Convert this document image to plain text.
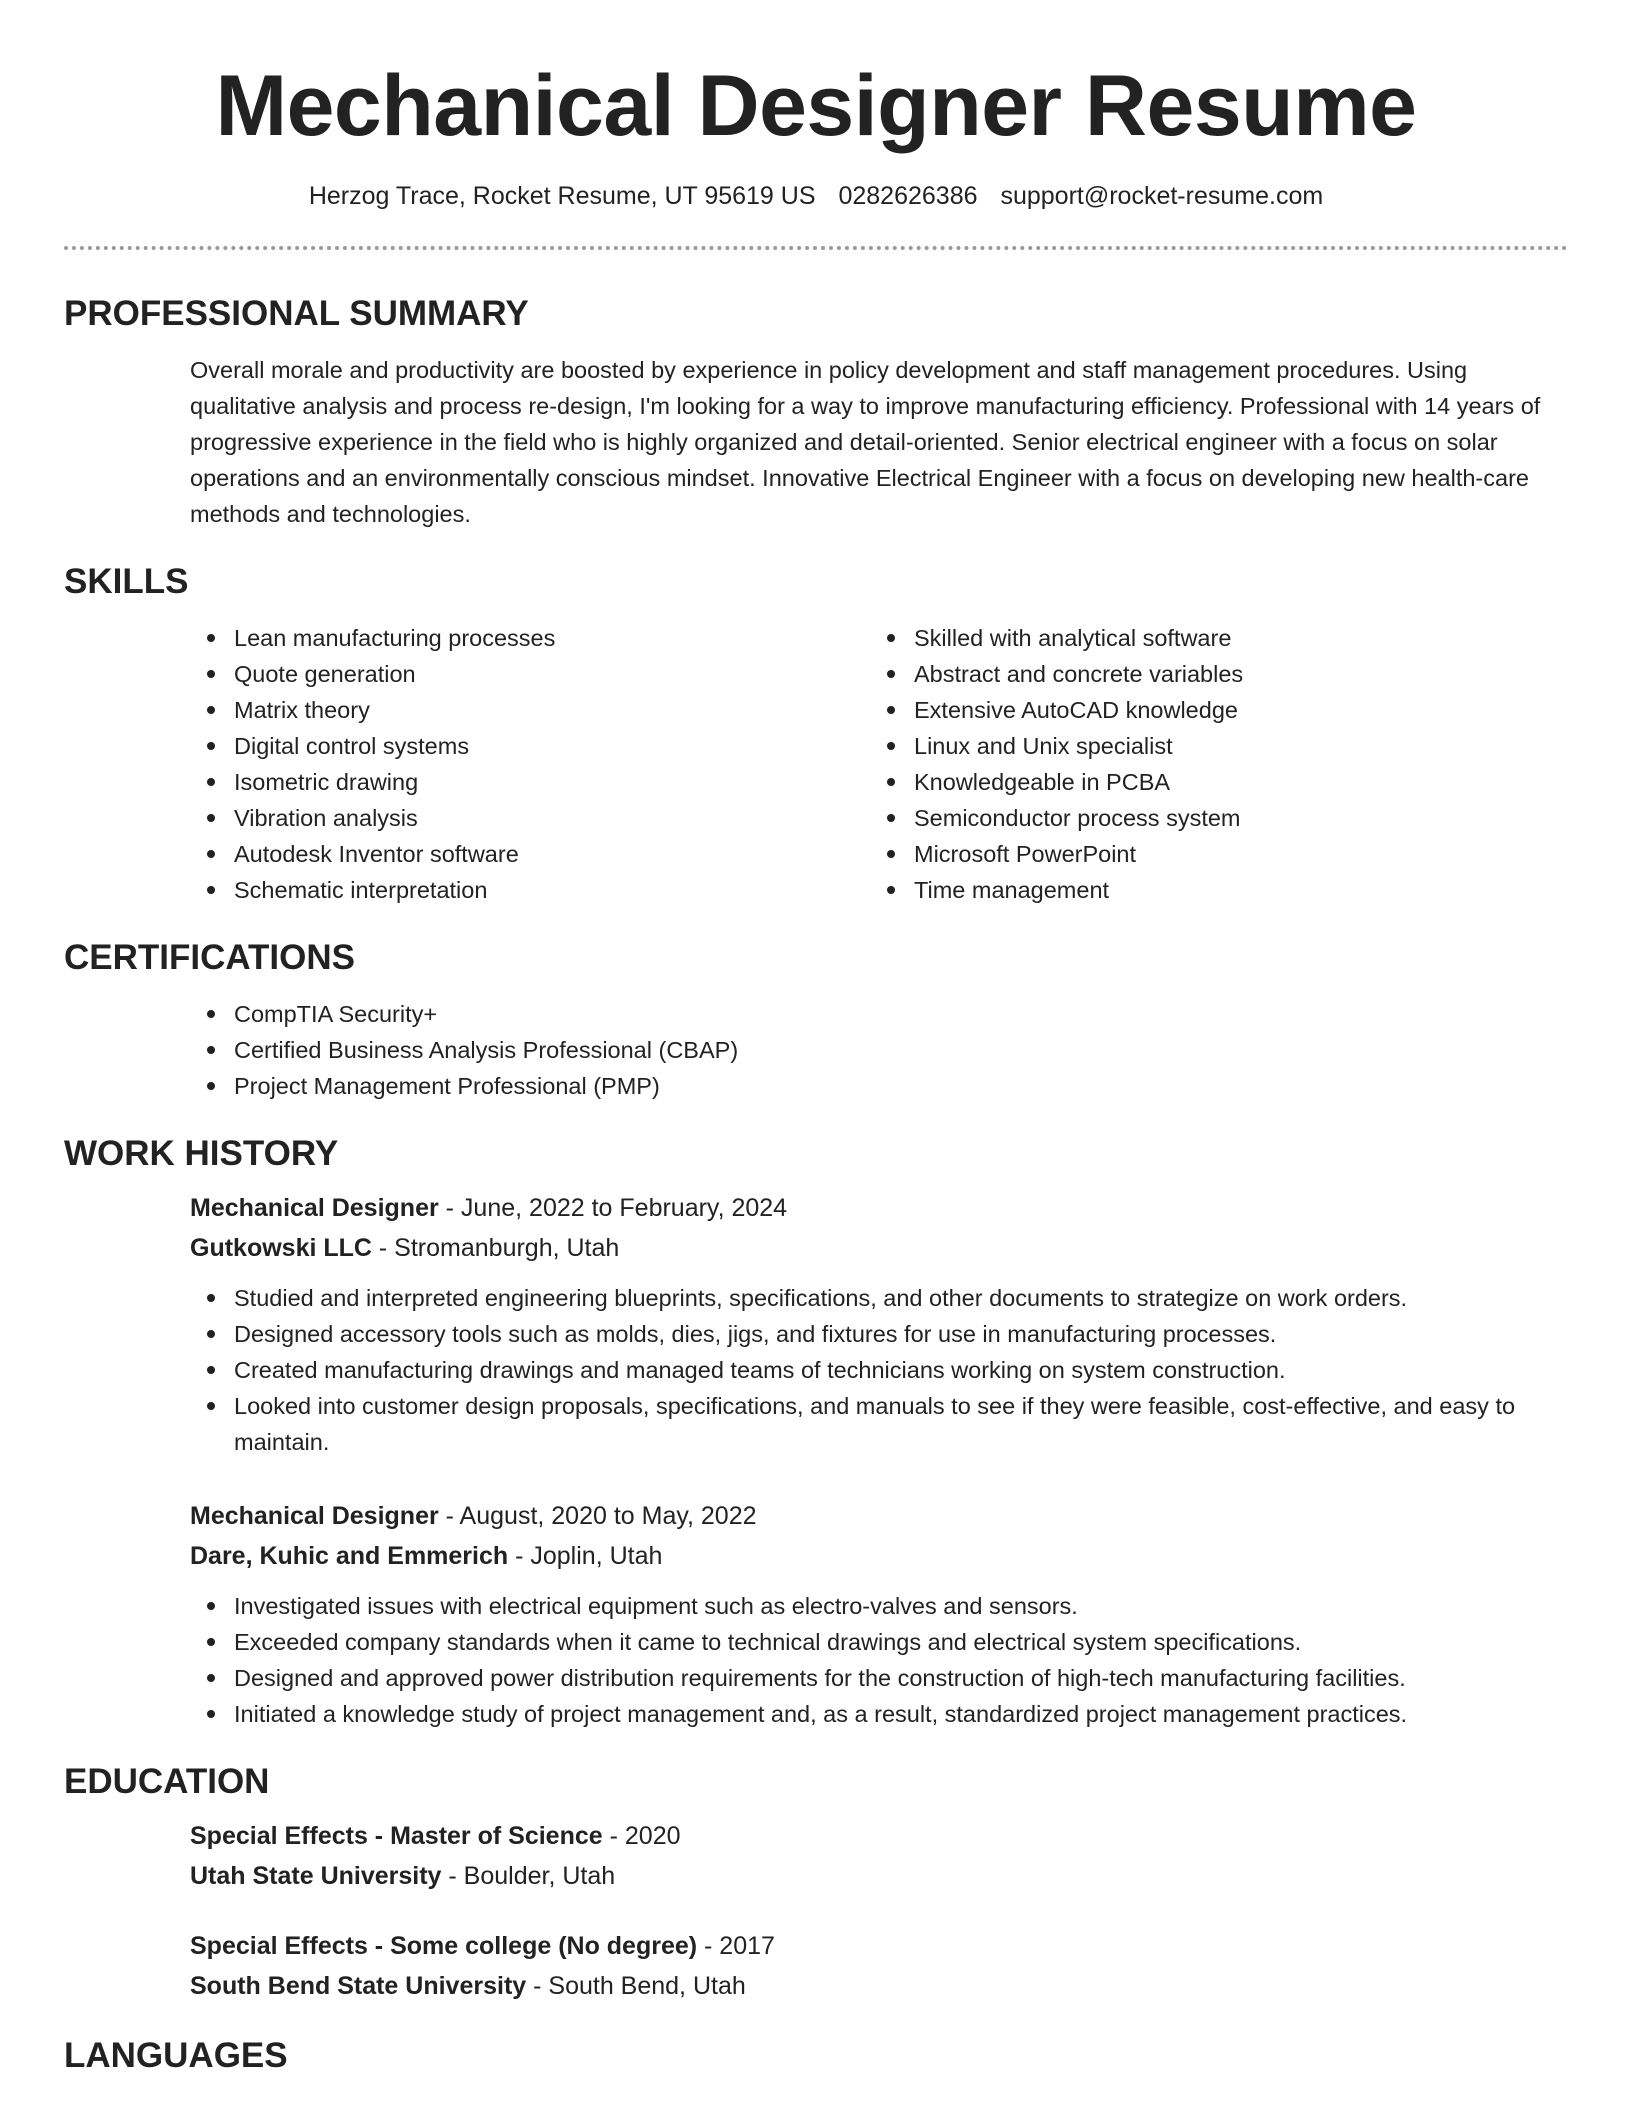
Mechanical Designer Resume
Herzog Trace, Rocket Resume, UT 95619 US 0282626386 support@rocket-resume.com
PROFESSIONAL SUMMARY

Overall morale and productivity are boosted by experience in policy development and staff management procedures. Using qualitative analysis and process re-design, I'm looking for a way to improve manufacturing efficiency. Professional with 14 years of progressive experience in the field who is highly organized and detail-oriented. Senior electrical engineer with a focus on solar operations and an environmentally conscious mindset. Innovative Electrical Engineer with a focus on developing new health-care methods and technologies.

SKILLS
Lean manufacturing processes
Quote generation
Matrix theory
Digital control systems
Isometric drawing
Vibration analysis
Autodesk Inventor software
Schematic interpretation
Skilled with analytical software
Abstract and concrete variables
Extensive AutoCAD knowledge
Linux and Unix specialist
Knowledgeable in PCBA
Semiconductor process system
Microsoft PowerPoint
Time management
CERTIFICATIONS
CompTIA Security+
Certified Business Analysis Professional (CBAP)
Project Management Professional (PMP)
WORK HISTORY
Mechanical Designer - June, 2022 to February, 2024
Gutkowski LLC - Stromanburgh, Utah
Studied and interpreted engineering blueprints, specifications, and other documents to strategize on work orders.
Designed accessory tools such as molds, dies, jigs, and fixtures for use in manufacturing processes.
Created manufacturing drawings and managed teams of technicians working on system construction.
Looked into customer design proposals, specifications, and manuals to see if they were feasible, cost-effective, and easy to maintain.
Mechanical Designer - August, 2020 to May, 2022
Dare, Kuhic and Emmerich - Joplin, Utah
Investigated issues with electrical equipment such as electro-valves and sensors.
Exceeded company standards when it came to technical drawings and electrical system specifications.
Designed and approved power distribution requirements for the construction of high-tech manufacturing facilities.
Initiated a knowledge study of project management and, as a result, standardized project management practices.
EDUCATION
Special Effects - Master of Science - 2020
Utah State University - Boulder, Utah
Special Effects - Some college (No degree) - 2017
South Bend State University - South Bend, Utah
LANGUAGES
